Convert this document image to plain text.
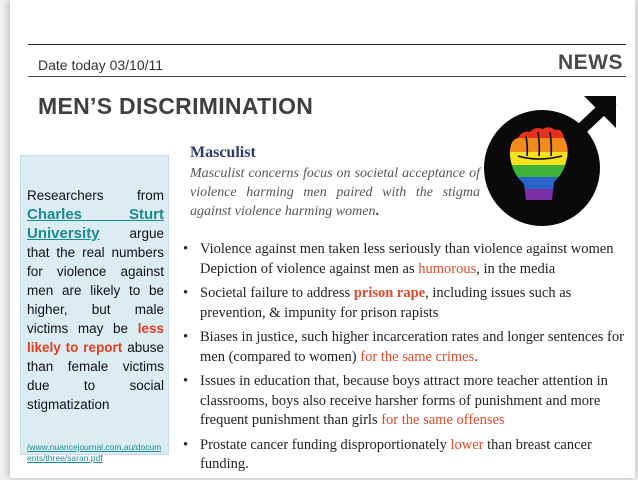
Date today 03/10/11	NEWS
MEN’S DISCRIMINATION
Researchers from Charles Sturt University argue that the real numbers for violence against men are likely to be higher, but male victims may be less likely to report abuse than female victims due to social stigmatization
/www.nuancejournal.com.au/documents/three/saran.pdf
Masculist
Masculist concerns focus on societal acceptance of violence harming men paired with the stigma against violence harming women.
• Violence against men taken less seriously than violence against women Depiction of violence against men as humorous, in the media
• Societal failure to address prison rape, including issues such as prevention, & impunity for prison rapists
• Biases in justice, such higher incarceration rates and longer sentences for men (compared to women) for the same crimes.
• Issues in education that, because boys attract more teacher attention in classrooms, boys also receive harsher forms of punishment and more frequent punishment than girls for the same offenses
• Prostate cancer funding disproportionately lower than breast cancer funding.
